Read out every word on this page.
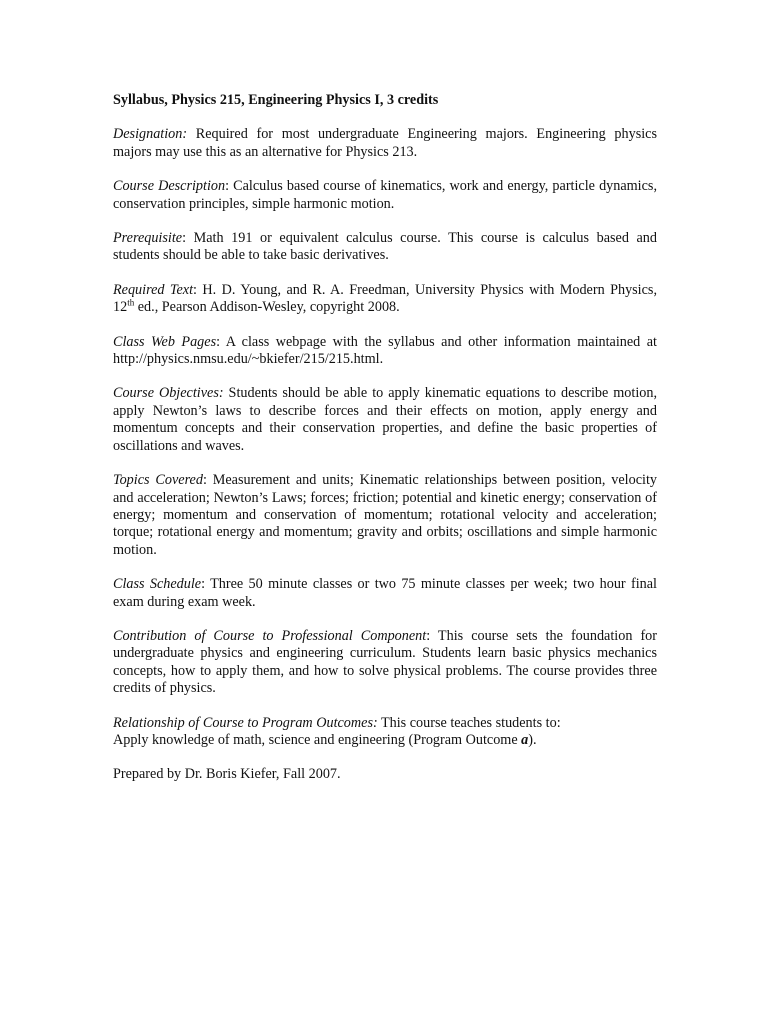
Syllabus, Physics 215, Engineering Physics I, 3 credits

Designation: Required for most undergraduate Engineering majors. Engineering physics majors may use this as an alternative for Physics 213.

Course Description: Calculus based course of kinematics, work and energy, particle dynamics, conservation principles, simple harmonic motion.

Prerequisite: Math 191 or equivalent calculus course. This course is calculus based and students should be able to take basic derivatives.

Required Text: H. D. Young, and R. A. Freedman, University Physics with Modern Physics, 12th ed., Pearson Addison-Wesley, copyright 2008.

Class Web Pages: A class webpage with the syllabus and other information maintained at http://physics.nmsu.edu/~bkiefer/215/215.html.

Course Objectives: Students should be able to apply kinematic equations to describe motion, apply Newton’s laws to describe forces and their effects on motion, apply energy and momentum concepts and their conservation properties, and define the basic properties of oscillations and waves.

Topics Covered: Measurement and units; Kinematic relationships between position, velocity and acceleration; Newton’s Laws; forces; friction; potential and kinetic energy; conservation of energy; momentum and conservation of momentum; rotational velocity and acceleration; torque; rotational energy and momentum; gravity and orbits; oscillations and simple harmonic motion.

Class Schedule: Three 50 minute classes or two 75 minute classes per week; two hour final exam during exam week.

Contribution of Course to Professional Component: This course sets the foundation for undergraduate physics and engineering curriculum. Students learn basic physics mechanics concepts, how to apply them, and how to solve physical problems. The course provides three credits of physics.

Relationship of Course to Program Outcomes: This course teaches students to:
Apply knowledge of math, science and engineering (Program Outcome a).

Prepared by Dr. Boris Kiefer, Fall 2007.
